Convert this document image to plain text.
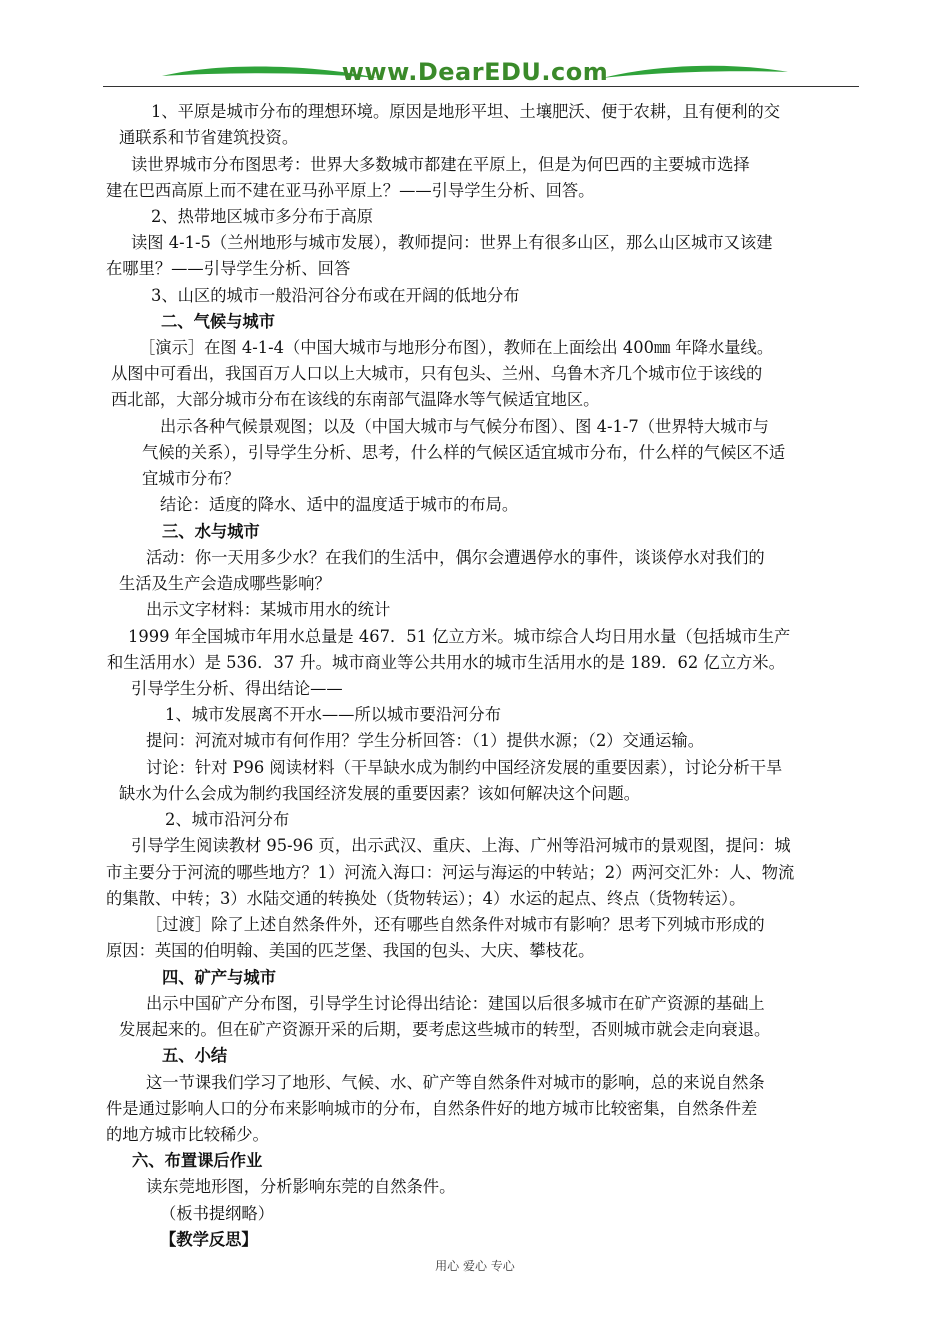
www.DearEDU.com
1、平原是城市分布的理想环境。原因是地形平坦、土壤肥沃、便于农耕，且有便利的交
通联系和节省建筑投资。
读世界城市分布图思考：世界大多数城市都建在平原上，但是为何巴西的主要城市选择
建在巴西高原上而不建在亚马孙平原上？——引导学生分析、回答。
2、热带地区城市多分布于高原
读图 4-1-5（兰州地形与城市发展），教师提问：世界上有很多山区，那么山区城市又该建
在哪里？——引导学生分析、回答
3、山区的城市一般沿河谷分布或在开阔的低地分布
二、气候与城市
［演示］在图 4-1-4（中国大城市与地形分布图），教师在上面绘出 400㎜ 年降水量线。
从图中可看出，我国百万人口以上大城市，只有包头、兰州、乌鲁木齐几个城市位于该线的
西北部，大部分城市分布在该线的东南部气温降水等气候适宜地区。
出示各种气候景观图；以及（中国大城市与气候分布图）、图 4-1-7（世界特大城市与
气候的关系），引导学生分析、思考，什么样的气候区适宜城市分布，什么样的气候区不适
宜城市分布？
结论：适度的降水、适中的温度适于城市的布局。
三、水与城市
活动：你一天用多少水？在我们的生活中，偶尔会遭遇停水的事件，谈谈停水对我们的
生活及生产会造成哪些影响？
出示文字材料：某城市用水的统计
1999 年全国城市年用水总量是 467．51 亿立方米。城市综合人均日用水量（包括城市生产
和生活用水）是 536．37 升。城市商业等公共用水的城市生活用水的是 189．62 亿立方米。
引导学生分析、得出结论——
1、城市发展离不开水——所以城市要沿河分布
提问：河流对城市有何作用？学生分析回答：（1）提供水源；（2）交通运输。
讨论：针对 P96 阅读材料（干旱缺水成为制约中国经济发展的重要因素），讨论分析干旱
缺水为什么会成为制约我国经济发展的重要因素？该如何解决这个问题。
2、城市沿河分布
引导学生阅读教材 95-96 页，出示武汉、重庆、上海、广州等沿河城市的景观图，提问：城
市主要分于河流的哪些地方？1）河流入海口：河运与海运的中转站；2）两河交汇外：人、物流
的集散、中转；3）水陆交通的转换处（货物转运）；4）水运的起点、终点（货物转运）。
［过渡］除了上述自然条件外，还有哪些自然条件对城市有影响？思考下列城市形成的
原因：英国的伯明翰、美国的匹芝堡、我国的包头、大庆、攀枝花。
四、矿产与城市
出示中国矿产分布图，引导学生讨论得出结论：建国以后很多城市在矿产资源的基础上
发展起来的。但在矿产资源开采的后期，要考虑这些城市的转型，否则城市就会走向衰退。
五、小结
这一节课我们学习了地形、气候、水、矿产等自然条件对城市的影响，总的来说自然条
件是通过影响人口的分布来影响城市的分布，自然条件好的地方城市比较密集，自然条件差
的地方城市比较稀少。
六、布置课后作业
读东莞地形图，分析影响东莞的自然条件。
（板书提纲略）
【教学反思】
用心 爱心 专心
